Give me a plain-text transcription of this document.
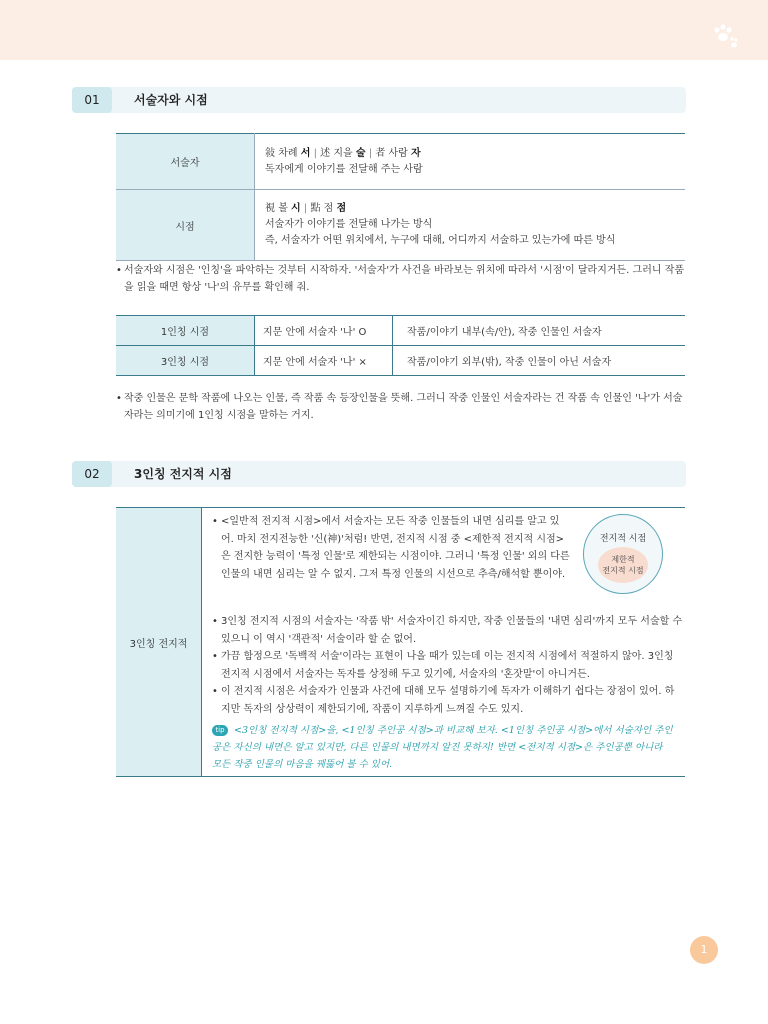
01	서술자와 시점
서술자	敍 차례 서 | 述 지을 술 | 者 사람 자
독자에게 이야기를 전달해 주는 사람

시점	視 볼 시 | 點 점 점
서술자가 이야기를 전달해 나가는 방식
즉, 서술자가 어떤 위치에서, 누구에 대해, 어디까지 서술하고 있는가에 따른 방식
• 서술자와 시점은 '인칭'을 파악하는 것부터 시작하자. '서술자'가 사건을 바라보는 위치에 따라서 '시점'이 달라지거든. 그러니 작품을 읽을 때면 항상 '나'의 유무를 확인해 줘.
1인칭 시점	지문 안에 서술자 '나' O	작품/이야기 내부(속/안), 작중 인물인 서술자
3인칭 시점	지문 안에 서술자 '나' ×	작품/이야기 외부(밖), 작중 인물이 아닌 서술자
• 작중 인물은 문학 작품에 나오는 인물, 즉 작품 속 등장인물을 뜻해. 그러니 작중 인물인 서술자라는 건 작품 속 인물인 '나'가 서술자라는 의미기에 1인칭 시점을 말하는 거지.
02	3인칭 전지적 시점
3인칭 전지적
• <일반적 전지적 시점>에서 서술자는 모든 작중 인물들의 내면 심리를 알고 있어. 마치 전지전능한 '신(神)'처럼! 반면, 전지적 시점 중 <제한적 전지적 시점>은 전지한 능력이 '특정 인물'로 제한되는 시점이야. 그러니 '특정 인물' 외의 다른 인물의 내면 심리는 알 수 없지. 그저 특정 인물의 시선으로 추측/해석할 뿐이야.
전지적 시점
제한적
전지적 시점
• 3인칭 전지적 시점의 서술자는 '작품 밖' 서술자이긴 하지만, 작중 인물들의 '내면 심리'까지 모두 서술할 수 있으니 이 역시 '객관적' 서술이라 할 순 없어.
• 가끔 함정으로 '독백적 서술'이라는 표현이 나올 때가 있는데 이는 전지적 시점에서 적절하지 않아. 3인칭 전지적 시점에서 서술자는 독자를 상정해 두고 있기에, 서술자의 '혼잣말'이 아니거든.
• 이 전지적 시점은 서술자가 인물과 사건에 대해 모두 설명하기에 독자가 이해하기 쉽다는 장점이 있어. 하지만 독자의 상상력이 제한되기에, 작품이 지루하게 느껴질 수도 있지.
tip <3인칭 전지적 시점>을, <1인칭 주인공 시점>과 비교해 보자. <1인칭 주인공 시점>에서 서술자인 주인공은 자신의 내면은 알고 있지만, 다른 인물의 내면까지 알진 못하지! 반면 <전지적 시점>은 주인공뿐 아니라 모든 작중 인물의 마음을 꿰뚫어 볼 수 있어.
1
